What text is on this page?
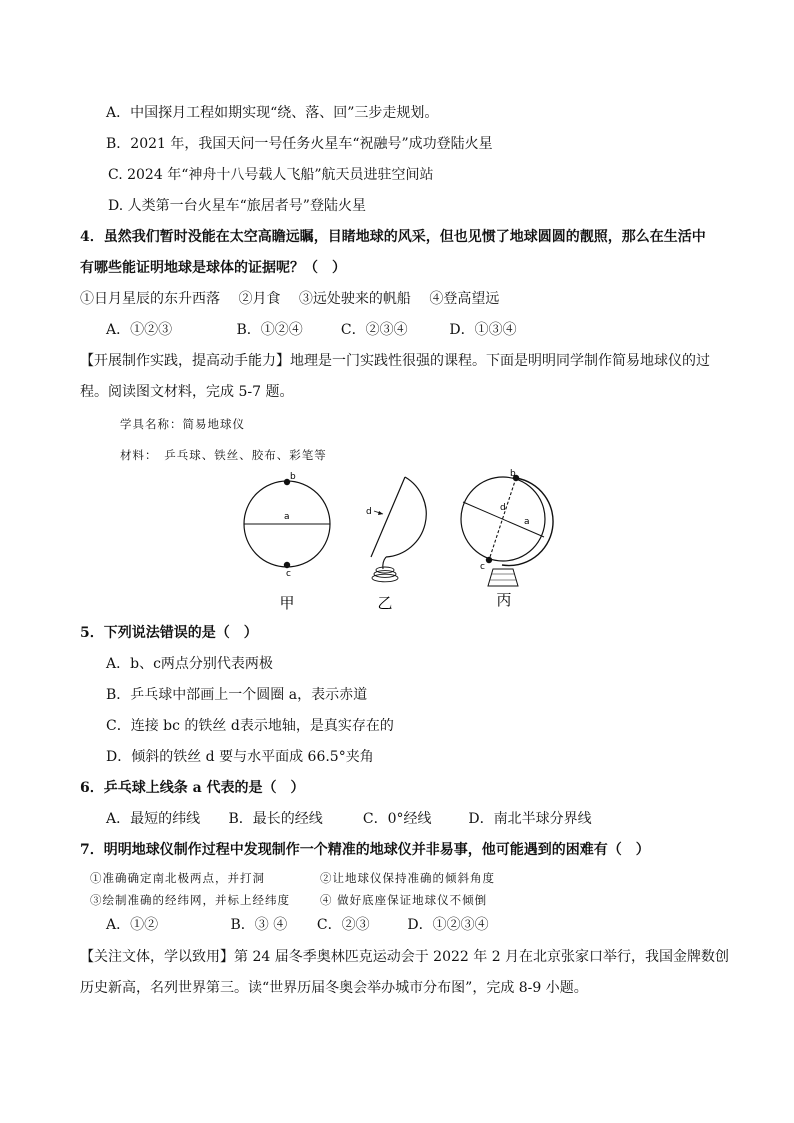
A．中国探月工程如期实现“绕、落、回”三步走规划。
B．2021 年，我国天问一号任务火星车“祝融号”成功登陆火星
C. 2024 年“神舟十八号载人飞船”航天员进驻空间站
D. 人类第一台火星车“旅居者号”登陆火星
4．虽然我们暂时没能在太空高瞻远瞩，目睹地球的风采，但也见惯了地球圆圆的靓照，那么在生活中
有哪些能证明地球是球体的证据呢？（　）
①日月星辰的东升西落　 ②月食　 ③远处驶来的帆船　 ④登高望远
A．①②③	B．①②④	C．②③④	D．①③④
【开展制作实践，提高动手能力】地理是一门实践性很强的课程。下面是明明同学制作简易地球仪的过
程。阅读图文材料，完成 5-7 题。
学具名称：简易地球仪
材料：　乒乓球、铁丝、胶布、彩笔等
a
b
c
d
b
d
a
c
甲	乙	丙
5．下列说法错误的是（　）
A．b、c两点分别代表两极
B．乒乓球中部画上一个圆圈 a，表示赤道
C．连接 bc 的铁丝 d表示地轴，是真实存在的
D．倾斜的铁丝 d 要与水平面成 66.5°夹角
6．乒乓球上线条 a 代表的是（　）
A．最短的纬线 B．最长的经线	C．0°经线	D．南北半球分界线
7．明明地球仪制作过程中发现制作一个精准的地球仪并非易事，他可能遇到的困难有（　）
①准确确定南北极两点，并打洞	②让地球仪保持准确的倾斜角度
③绘制准确的经纬网，并标上经纬度	④ 做好底座保证地球仪不倾倒
A．①②	B．③ ④ C．②③	D．①②③④
【关注文体，学以致用】第 24 届冬季奥林匹克运动会于 2022 年 2 月在北京张家口举行，我国金牌数创
历史新高，名列世界第三。读“世界历届冬奥会举办城市分布图”，完成 8-9 小题。
